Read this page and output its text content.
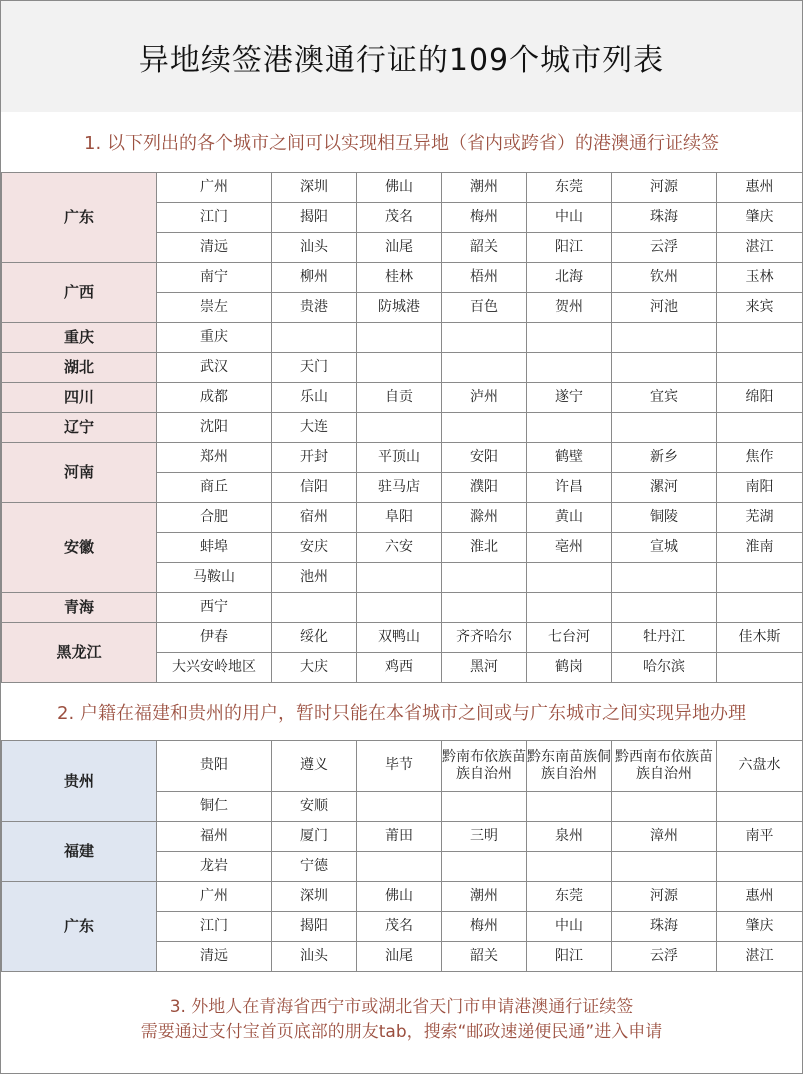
异地续签港澳通行证的109个城市列表
1. 以下列出的各个城市之间可以实现相互异地（省内或跨省）的港澳通行证续签
广东	广州	深圳	佛山	潮州	东莞	河源	惠州
	江门	揭阳	茂名	梅州	中山	珠海	肇庆
	清远	汕头	汕尾	韶关	阳江	云浮	湛江
广西	南宁	柳州	桂林	梧州	北海	钦州	玉林
	崇左	贵港	防城港	百色	贺州	河池	来宾
重庆	重庆						
湖北	武汉	天门					
四川	成都	乐山	自贡	泸州	遂宁	宜宾	绵阳
辽宁	沈阳	大连					
河南	郑州	开封	平顶山	安阳	鹤壁	新乡	焦作
	商丘	信阳	驻马店	濮阳	许昌	漯河	南阳
安徽	合肥	宿州	阜阳	滁州	黄山	铜陵	芜湖
	蚌埠	安庆	六安	淮北	亳州	宣城	淮南
	马鞍山	池州					
青海	西宁						
黑龙江	伊春	绥化	双鸭山	齐齐哈尔	七台河	牡丹江	佳木斯
	大兴安岭地区	大庆	鸡西	黑河	鹤岗	哈尔滨	
2. 户籍在福建和贵州的用户，暂时只能在本省城市之间或与广东城市之间实现异地办理
贵州	贵阳	遵义	毕节	黔南布依族苗族自治州	黔东南苗族侗族自治州	黔西南布依族苗族自治州	六盘水
	铜仁	安顺					
福建	福州	厦门	莆田	三明	泉州	漳州	南平
	龙岩	宁德					
广东	广州	深圳	佛山	潮州	东莞	河源	惠州
	江门	揭阳	茂名	梅州	中山	珠海	肇庆
	清远	汕头	汕尾	韶关	阳江	云浮	湛江
3. 外地人在青海省西宁市或湖北省天门市申请港澳通行证续签
需要通过支付宝首页底部的朋友tab，搜索“邮政速递便民通”进入申请
